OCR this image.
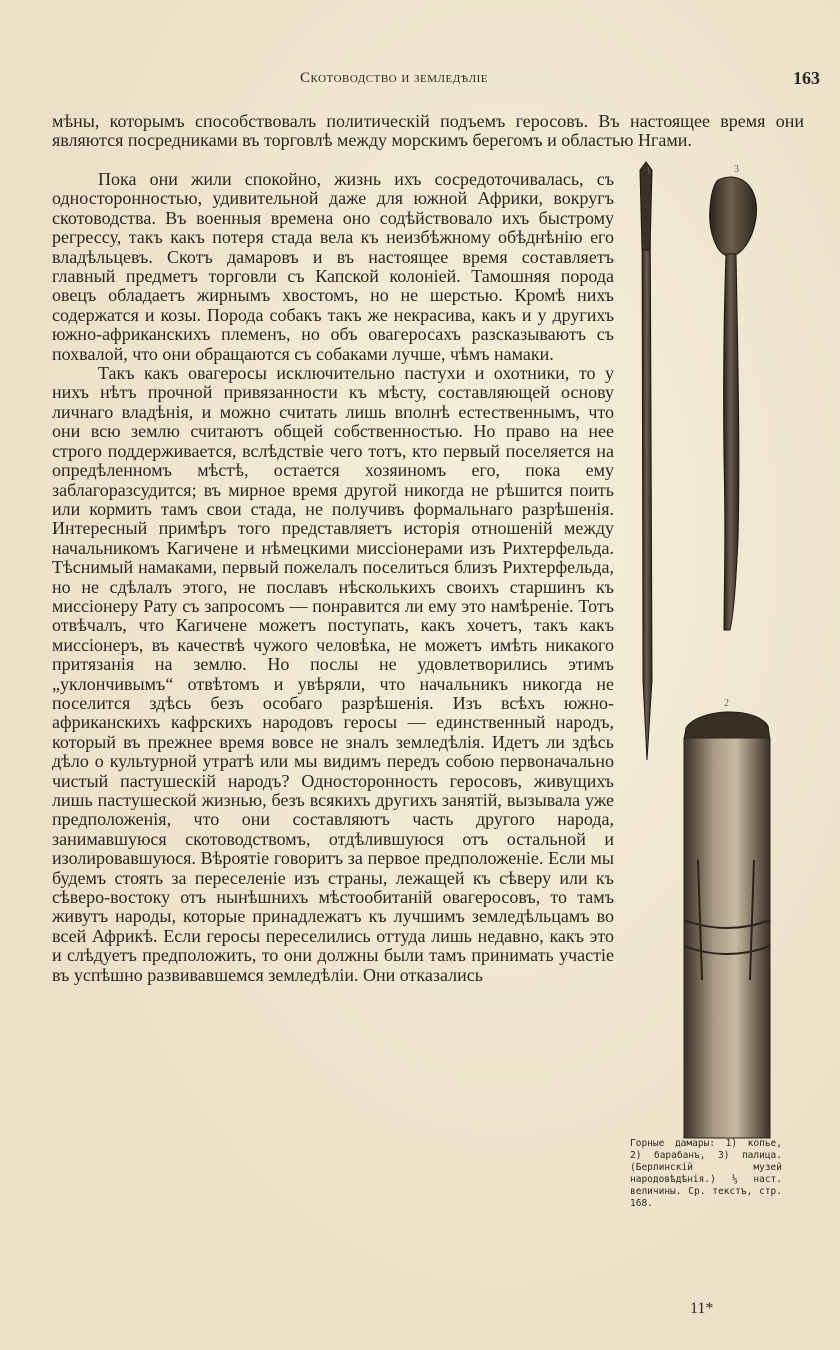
Скотоводство и земледѣліе	163

мѣны, которымъ способствовалъ политическій подъемъ геросовъ. Въ настоящее время они являются посредниками въ торговлѣ между морскимъ берегомъ и областью Нгами.

Пока они жили спокойно, жизнь ихъ сосредоточивалась, съ односторонностью, удивительной даже для южной Африки, вокругъ скотоводства. Въ военныя времена оно содѣйствовало ихъ быстрому регрессу, такъ какъ потеря стада вела къ неизбѣжному обѣднѣнію его владѣльцевъ. Скотъ дамаровъ и въ настоящее время составляетъ главный предметъ торговли съ Капской колоніей. Тамошняя порода овецъ обладаетъ жирнымъ хвостомъ, но не шерстью. Кромѣ нихъ содержатся и козы. Порода собакъ такъ же некрасива, какъ и у другихъ южно-африканскихъ племенъ, но объ овагеросахъ разсказываютъ съ похвалой, что они обращаются съ собаками лучше, чѣмъ намаки.

Такъ какъ овагеросы исключительно пастухи и охотники, то у нихъ нѣтъ прочной привязанности къ мѣсту, составляющей основу личнаго владѣнія, и можно считать лишь вполнѣ естественнымъ, что они всю землю считаютъ общей собственностью. Но право на нее строго поддерживается, вслѣдствіе чего тотъ, кто первый поселяется на опредѣленномъ мѣстѣ, остается хозяиномъ его, пока ему заблагоразсудится; въ мирное время другой никогда не рѣшится поить или кормить тамъ свои стада, не получивъ формальнаго разрѣшенія. Интересный примѣръ того представляетъ исторія отношеній между начальникомъ Кагичене и нѣмецкими миссіонерами изъ Рихтерфельда. Тѣснимый намаками, первый пожелалъ поселиться близъ Рихтерфельда, но не сдѣлалъ этого, не пославъ нѣсколькихъ своихъ старшинъ къ миссіонеру Рату съ запросомъ — понравится ли ему это намѣреніе. Тотъ отвѣчалъ, что Кагичене можетъ поступать, какъ хочетъ, такъ какъ миссіонеръ, въ качествѣ чужого человѣка, не можетъ имѣть никакого притязанія на землю. Но послы не удовлетворились этимъ „уклончивымъ“ отвѣтомъ и увѣряли, что начальникъ никогда не поселится здѣсь безъ особаго разрѣшенія. Изъ всѣхъ южно-африканскихъ кафрскихъ народовъ геросы — единственный народъ, который въ прежнее время вовсе не зналъ земледѣлія. Идетъ ли здѣсь дѣло о культурной утратѣ или мы видимъ передъ собою первоначально чистый пастушескій народъ? Односторонность геросовъ, живущихъ лишь пастушеской жизнью, безъ всякихъ другихъ занятій, вызывала уже предположенія, что они составляютъ часть другого народа, занимавшуюся скотоводствомъ, отдѣлившуюся отъ остальной и изолировавшуюся. Вѣроятіе говоритъ за первое предположеніе. Если мы будемъ стоять за переселеніе изъ страны, лежащей къ сѣверу или къ сѣверо-востоку отъ нынѣшнихъ мѣстообитаній овагеросовъ, то тамъ живутъ народы, которые принадлежатъ къ лучшимъ земледѣльцамъ во всей Африкѣ. Если геросы переселились оттуда лишь недавно, какъ это и слѣдуетъ предположить, то они должны были тамъ принимать участіе въ успѣшно развивавшемся земледѣліи. Они отказались

1	3
2
Горные дамары: 1) копье, 2) барабанъ, 3) палица. (Берлинскій музей народовѣдѣнія.) ⅓ наст. величины. Ср. текстъ, стр. 168.
11*
